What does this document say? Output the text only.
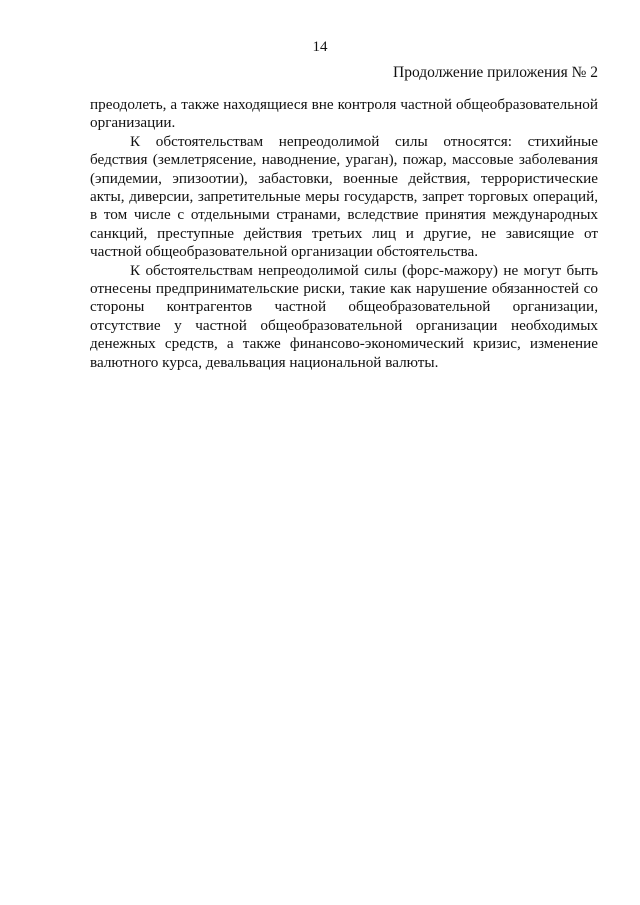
14
Продолжение приложения № 2

преодолеть, а также находящиеся вне контроля частной общеобразовательной организации.

К обстоятельствам непреодолимой силы относятся: стихийные бедствия (землетрясение, наводнение, ураган), пожар, массовые заболевания (эпидемии, эпизоотии), забастовки, военные действия, террористические акты, диверсии, запретительные меры государств, запрет торговых операций, в том числе с отдельными странами, вследствие принятия международных санкций, преступные действия третьих лиц и другие, не зависящие от частной общеобразовательной организации обстоятельства.

К обстоятельствам непреодолимой силы (форс-мажору) не могут быть отнесены предпринимательские риски, такие как нарушение обязанностей со стороны контрагентов частной общеобразовательной организации, отсутствие у частной общеобразовательной организации необходимых денежных средств, а также финансово-экономический кризис, изменение валютного курса, девальвация национальной валюты.
